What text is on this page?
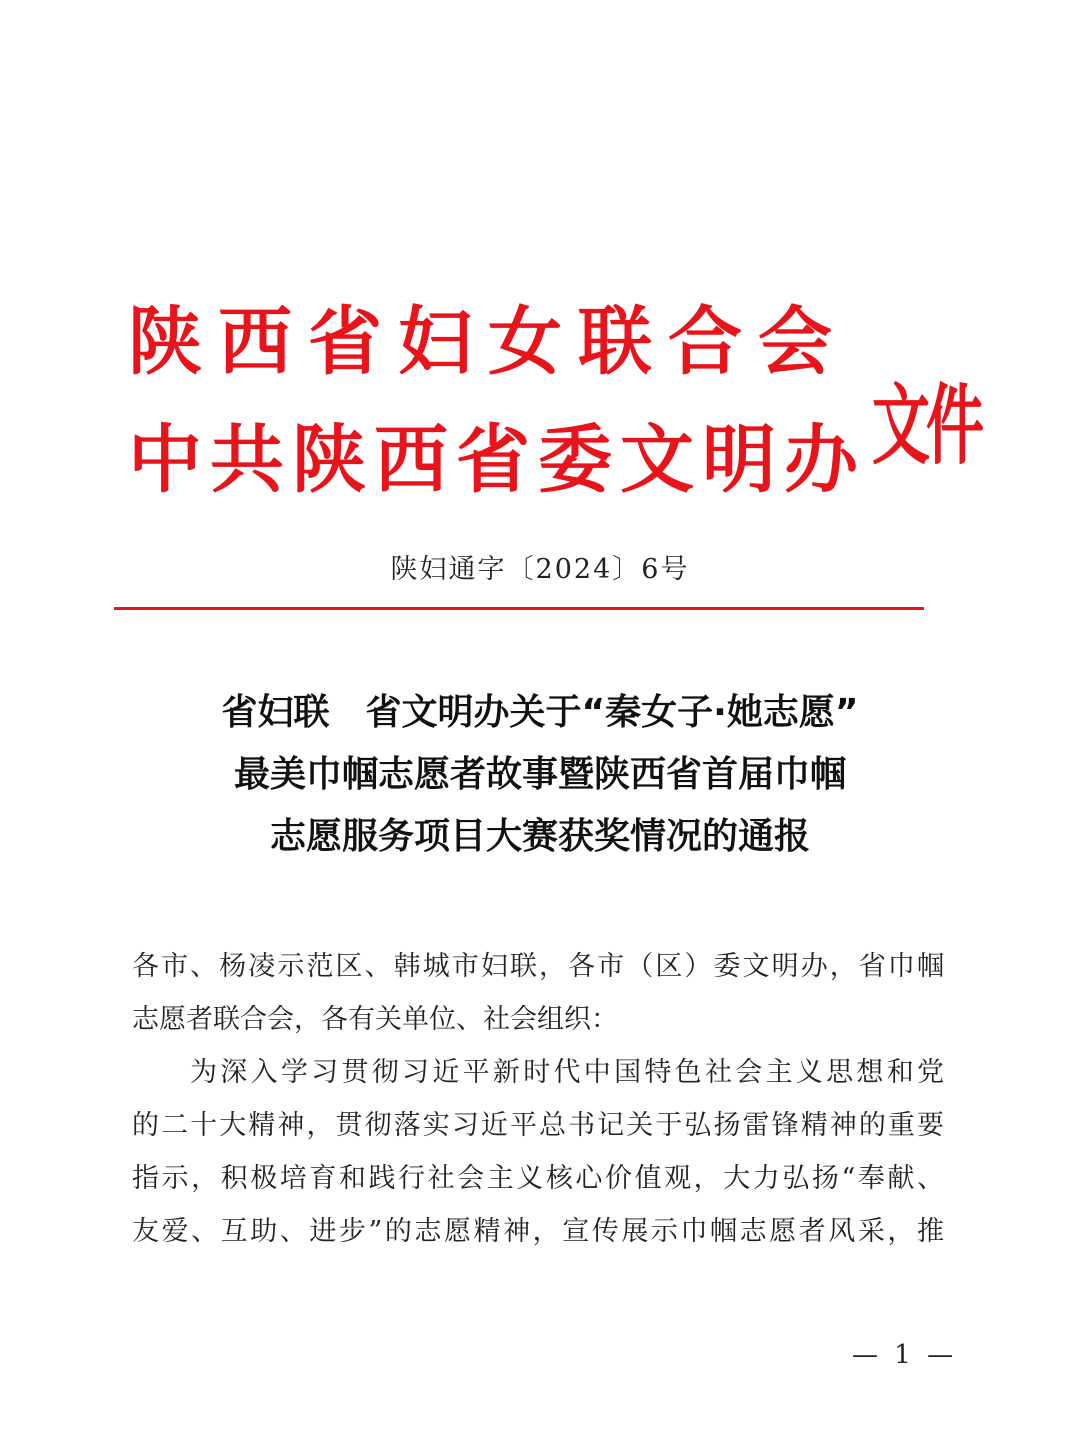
陕西省妇女联合会
中共陕西省委文明办 文件
陕妇通字〔2024〕6号
省妇联　省文明办关于“秦女子·她志愿”
最美巾帼志愿者故事暨陕西省首届巾帼
志愿服务项目大赛获奖情况的通报
各市、杨凌示范区、韩城市妇联，各市（区）委文明办，省巾帼
志愿者联合会，各有关单位、社会组织：
为深入学习贯彻习近平新时代中国特色社会主义思想和党
的二十大精神，贯彻落实习近平总书记关于弘扬雷锋精神的重要
指示，积极培育和践行社会主义核心价值观，大力弘扬“奉献、
友爱、互助、进步”的志愿精神，宣传展示巾帼志愿者风采，推
— 1 —
